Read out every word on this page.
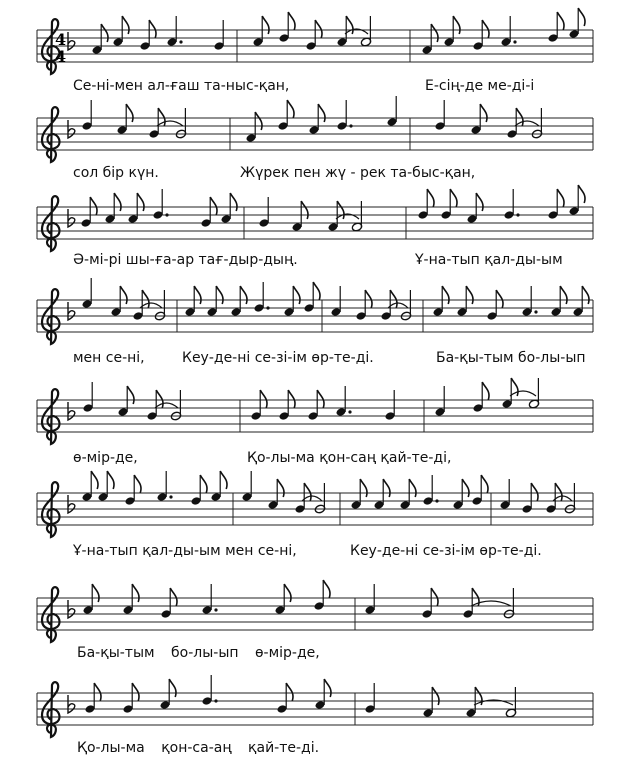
4
4
Се-ні-мен ал-ғаш та-ныс-қан,	Е-сің-де ме-ді-і
сол бір күн.	Жүрек пен жү - рек та-быс-қан,
Ә-мі-рі шы-ға-ар тағ-дыр-дың.	Ұ-на-тып қал-ды-ым
мен се-ні,	Кеу-де-ні се-зі-ім өр-те-ді.	Ба-қы-тым бо-лы-ып
ө-мір-де,	Қо-лы-ма қон-саң қай-те-ді,
Ұ-на-тып қал-ды-ым мен се-ні,	Кеу-де-ні се-зі-ім өр-те-ді.
Ба-қы-тым бо-лы-ып ө-мір-де,
Қо-лы-ма қон-са-аң қай-те-ді.
